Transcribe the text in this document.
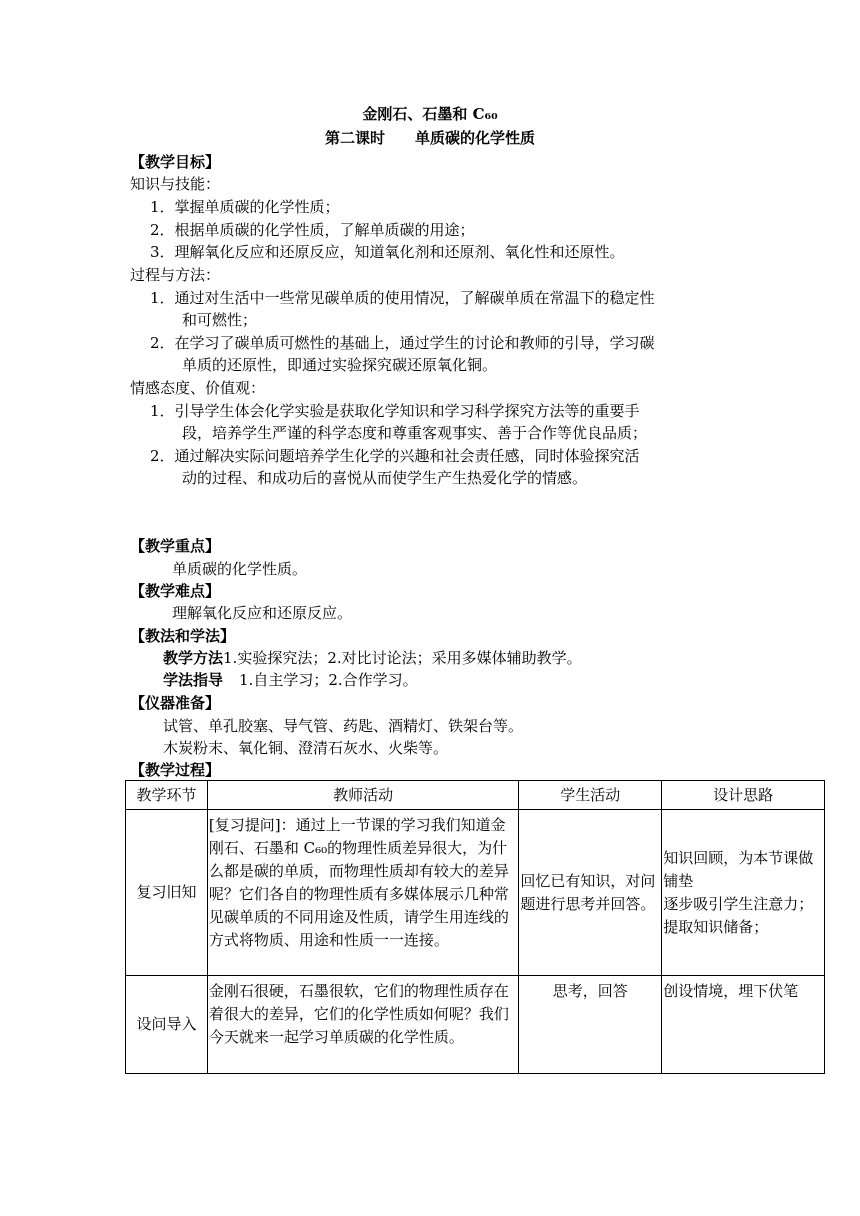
金刚石、石墨和 C₆₀
第二课时　　单质碳的化学性质
【教学目标】
知识与技能：
1．掌握单质碳的化学性质；
2．根据单质碳的化学性质，了解单质碳的用途；
3．理解氧化反应和还原反应，知道氧化剂和还原剂、氧化性和还原性。
过程与方法：
1．通过对生活中一些常见碳单质的使用情况，了解碳单质在常温下的稳定性
和可燃性；
2．在学习了碳单质可燃性的基础上，通过学生的讨论和教师的引导，学习碳
单质的还原性，即通过实验探究碳还原氧化铜。
情感态度、价值观：
1．引导学生体会化学实验是获取化学知识和学习科学探究方法等的重要手
段，培养学生严谨的科学态度和尊重客观事实、善于合作等优良品质；
2．通过解决实际问题培养学生化学的兴趣和社会责任感，同时体验探究活
动的过程、和成功后的喜悦从而使学生产生热爱化学的情感。
【教学重点】
单质碳的化学性质。
【教学难点】
理解氧化反应和还原反应。
【教法和学法】
教学方法1.实验探究法；2.对比讨论法；采用多媒体辅助教学。
学法指导 1.自主学习；2.合作学习。
【仪器准备】
试管、单孔胶塞、导气管、药匙、酒精灯、铁架台等。
木炭粉末、氧化铜、澄清石灰水、火柴等。
【教学过程】
教学环节	教师活动	学生活动	设计思路
复习旧知	[复习提问]：通过上一节课的学习我们知道金刚石、石墨和 C₆₀的物理性质差异很大，为什么都是碳的单质，而物理性质却有较大的差异呢？它们各自的物理性质有多媒体展示几种常见碳单质的不同用途及性质，请学生用连线的方式将物质、用途和性质一一连接。	回忆已有知识，对问题进行思考并回答。	知识回顾，为本节课做铺垫
逐步吸引学生注意力；
提取知识储备；

设问导入	金刚石很硬，石墨很软，它们的物理性质存在着很大的差异，它们的化学性质如何呢？我们今天就来一起学习单质碳的化学性质。	思考，回答	创设情境，埋下伏笔
